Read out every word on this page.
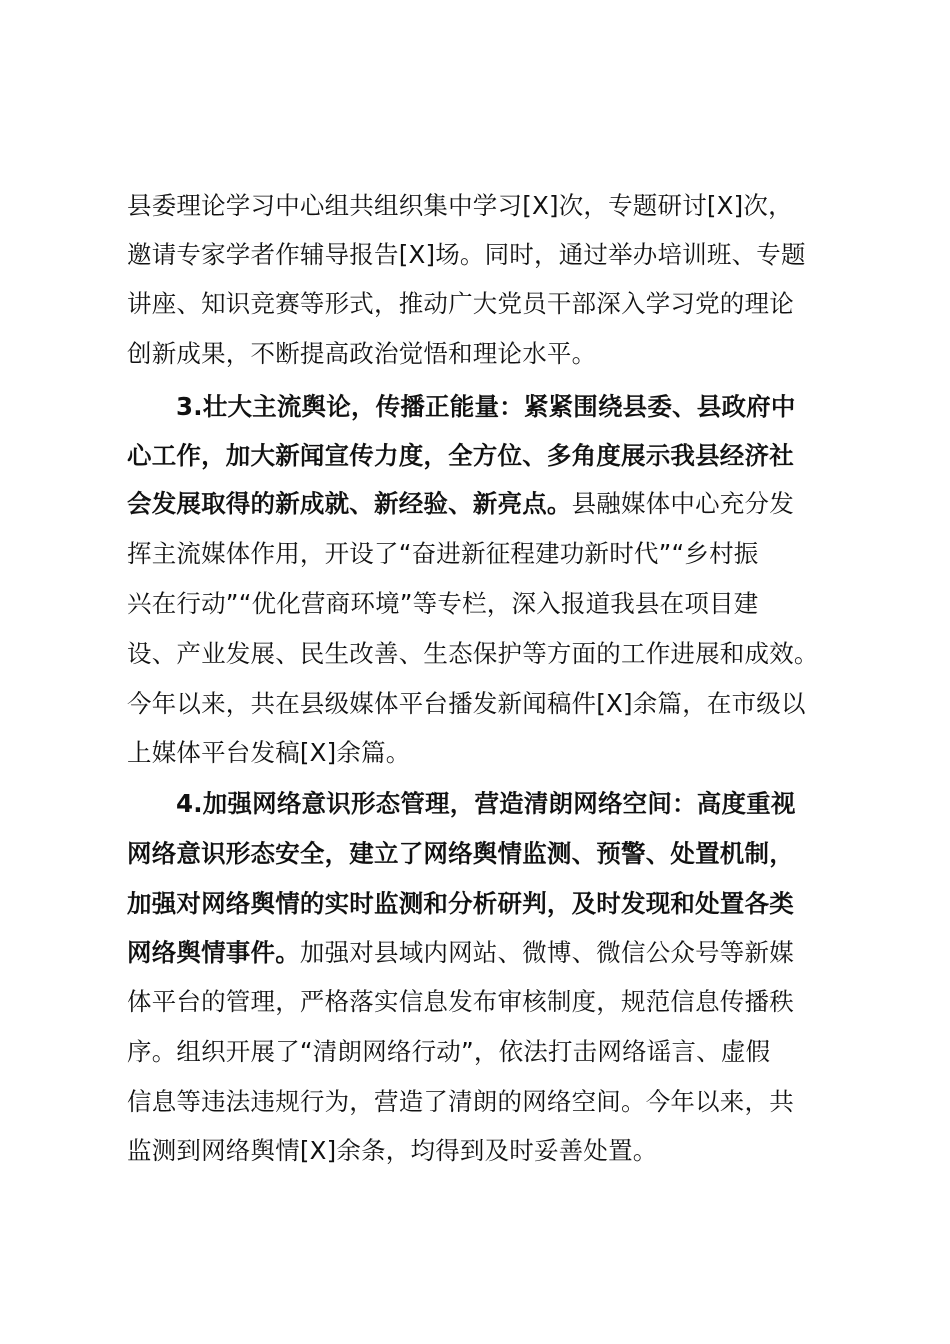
县委理论学习中心组共组织集中学习[X]次，专题研讨[X]次，
邀请专家学者作辅导报告[X]场。同时，通过举办培训班、专题
讲座、知识竞赛等形式，推动广大党员干部深入学习党的理论
创新成果，不断提高政治觉悟和理论水平。
3.壮大主流舆论，传播正能量：紧紧围绕县委、县政府中
心工作，加大新闻宣传力度，全方位、多角度展示我县经济社
会发展取得的新成就、新经验、新亮点。县融媒体中心充分发
挥主流媒体作用，开设了“奋进新征程建功新时代”“乡村振
兴在行动”“优化营商环境”等专栏，深入报道我县在项目建
设、产业发展、民生改善、生态保护等方面的工作进展和成效。
今年以来，共在县级媒体平台播发新闻稿件[X]余篇，在市级以
上媒体平台发稿[X]余篇。
4.加强网络意识形态管理，营造清朗网络空间：高度重视
网络意识形态安全，建立了网络舆情监测、预警、处置机制，
加强对网络舆情的实时监测和分析研判，及时发现和处置各类
网络舆情事件。加强对县域内网站、微博、微信公众号等新媒
体平台的管理，严格落实信息发布审核制度，规范信息传播秩
序。组织开展了“清朗网络行动”，依法打击网络谣言、虚假
信息等违法违规行为，营造了清朗的网络空间。今年以来，共
监测到网络舆情[X]余条，均得到及时妥善处置。
